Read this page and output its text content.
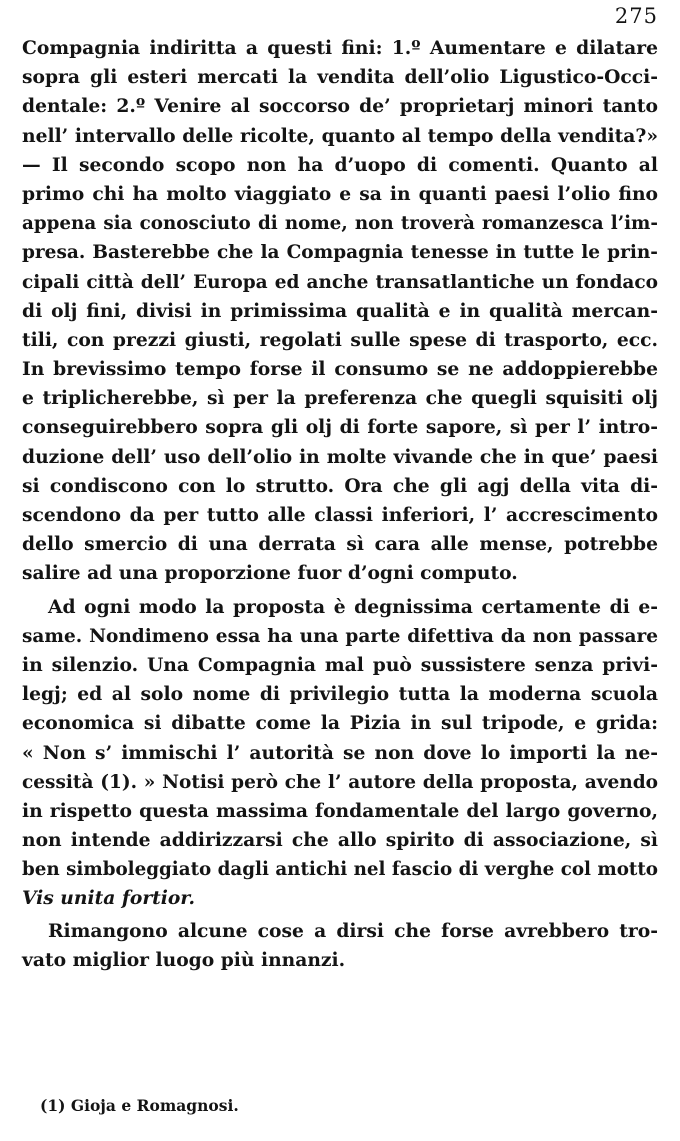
275
Compagnia indiritta a questi fini: 1.º Aumentare e dilatare
sopra gli esteri mercati la vendita dell’olio Ligustico-Occi-
dentale: 2.º Venire al soccorso de’ proprietarj minori tanto
nell’ intervallo delle ricolte, quanto al tempo della vendita?»
— Il secondo scopo non ha d’uopo di comenti. Quanto al
primo chi ha molto viaggiato e sa in quanti paesi l’olio fino
appena sia conosciuto di nome, non troverà romanzesca l’im-
presa. Basterebbe che la Compagnia tenesse in tutte le prin-
cipali città dell’ Europa ed anche transatlantiche un fondaco
di olj fini, divisi in primissima qualità e in qualità mercan-
tili, con prezzi giusti, regolati sulle spese di trasporto, ecc.
In brevissimo tempo forse il consumo se ne addoppierebbe
e triplicherebbe, sì per la preferenza che quegli squisiti olj
conseguirebbero sopra gli olj di forte sapore, sì per l’ intro-
duzione dell’ uso dell’olio in molte vivande che in que’ paesi
si condiscono con lo strutto. Ora che gli agj della vita di-
scendono da per tutto alle classi inferiori, l’ accrescimento
dello smercio di una derrata sì cara alle mense, potrebbe
salire ad una proporzione fuor d’ogni computo.
Ad ogni modo la proposta è degnissima certamente di e-
same. Nondimeno essa ha una parte difettiva da non passare
in silenzio. Una Compagnia mal può sussistere senza privi-
legj; ed al solo nome di privilegio tutta la moderna scuola
economica si dibatte come la Pizia in sul tripode, e grida:
« Non s’ immischi l’ autorità se non dove lo importi la ne-
cessità (1). » Notisi però che l’ autore della proposta, avendo
in rispetto questa massima fondamentale del largo governo,
non intende addirizzarsi che allo spirito di associazione, sì
ben simboleggiato dagli antichi nel fascio di verghe col motto
Vis unita fortior.
Rimangono alcune cose a dirsi che forse avrebbero tro-
vato miglior luogo più innanzi.
(1) Gioja e Romagnosi.
